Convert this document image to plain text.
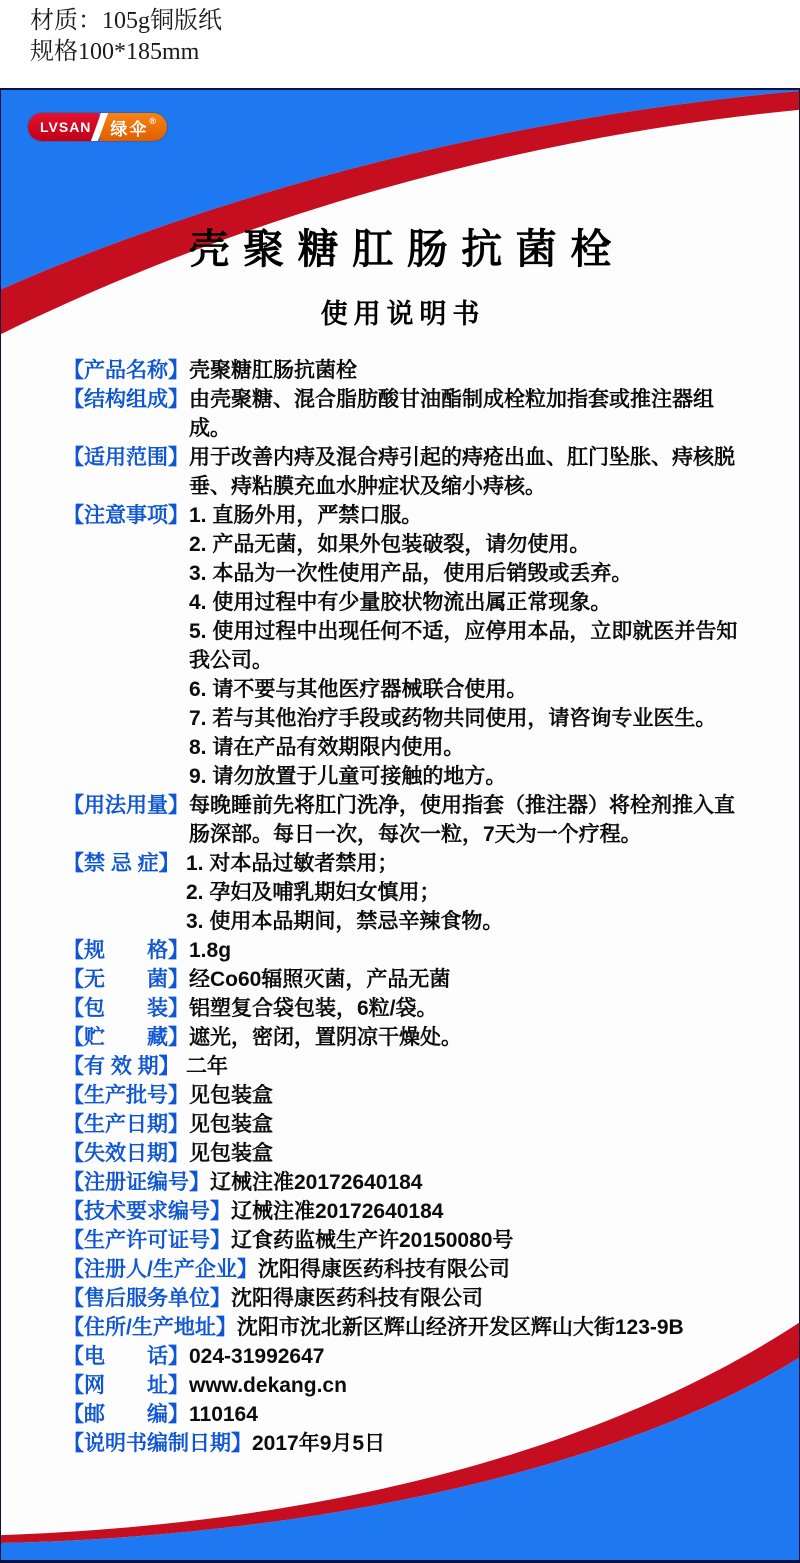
材质：105g铜版纸
规格100*185mm
LVSAN	绿伞 ®
壳聚糖肛肠抗菌栓
使用说明书
【产品名称】 壳聚糖肛肠抗菌栓
【结构组成】 由壳聚糖、混合脂肪酸甘油酯制成栓粒加指套或推注器组
成。
【适用范围】 用于改善内痔及混合痔引起的痔疮出血、肛门坠胀、痔核脱
垂、痔粘膜充血水肿症状及缩小痔核。
【注意事项】 1. 直肠外用，严禁口服。
2. 产品无菌，如果外包装破裂，请勿使用。
3. 本品为一次性使用产品，使用后销毁或丢弃。
4. 使用过程中有少量胶状物流出属正常现象。
5. 使用过程中出现任何不适，应停用本品，立即就医并告知
我公司。
6. 请不要与其他医疗器械联合使用。
7. 若与其他治疗手段或药物共同使用，请咨询专业医生。
8. 请在产品有效期限内使用。
9. 请勿放置于儿童可接触的地方。
【用法用量】 每晚睡前先将肛门洗净，使用指套（推注器）将栓剂推入直
肠深部。每日一次，每次一粒，7天为一个疗程。
【禁 忌 症】 1. 对本品过敏者禁用；
2. 孕妇及哺乳期妇女慎用；
3. 使用本品期间，禁忌辛辣食物。
【规　　格】 1.8g
【无　　菌】 经Co60辐照灭菌，产品无菌
【包　　装】 铝塑复合袋包装，6粒/袋。
【贮　　藏】 遮光，密闭，置阴凉干燥处。
【有 效 期】 二年
【生产批号】 见包装盒
【生产日期】 见包装盒
【失效日期】 见包装盒
【注册证编号】 辽械注准20172640184
【技术要求编号】 辽械注准20172640184
【生产许可证号】 辽食药监械生产许20150080号
【注册人/生产企业】 沈阳得康医药科技有限公司
【售后服务单位】 沈阳得康医药科技有限公司
【住所/生产地址】 沈阳市沈北新区辉山经济开发区辉山大街123-9B
【电　　话】 024-31992647
【网　　址】 www.dekang.cn
【邮　　编】 110164
【说明书编制日期】 2017年9月5日
